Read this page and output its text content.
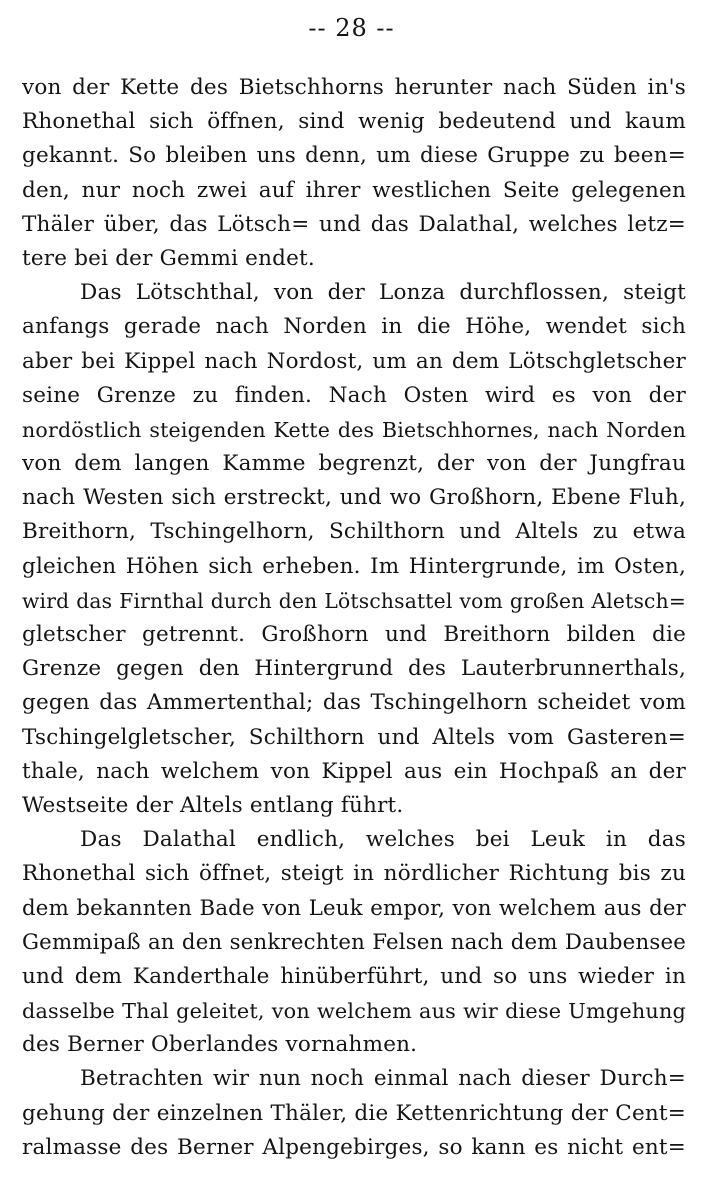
-- 28 --
von der Kette des Bietschhorns herunter nach Süden in's
Rhonethal sich öffnen, sind wenig bedeutend und kaum
gekannt. So bleiben uns denn, um diese Gruppe zu been=
den, nur noch zwei auf ihrer westlichen Seite gelegenen
Thäler über, das Lötsch= und das Dalathal, welches letz=
tere bei der Gemmi endet.
Das Lötschthal, von der Lonza durchflossen, steigt
anfangs gerade nach Norden in die Höhe, wendet sich
aber bei Kippel nach Nordost, um an dem Lötschgletscher
seine Grenze zu finden. Nach Osten wird es von der
nordöstlich steigenden Kette des Bietschhornes, nach Norden
von dem langen Kamme begrenzt, der von der Jungfrau
nach Westen sich erstreckt, und wo Großhorn, Ebene Fluh,
Breithorn, Tschingelhorn, Schilthorn und Altels zu etwa
gleichen Höhen sich erheben. Im Hintergrunde, im Osten,
wird das Firnthal durch den Lötschsattel vom großen Aletsch=
gletscher getrennt. Großhorn und Breithorn bilden die
Grenze gegen den Hintergrund des Lauterbrunnerthals,
gegen das Ammertenthal; das Tschingelhorn scheidet vom
Tschingelgletscher, Schilthorn und Altels vom Gasteren=
thale, nach welchem von Kippel aus ein Hochpaß an der
Westseite der Altels entlang führt.
Das Dalathal endlich, welches bei Leuk in das
Rhonethal sich öffnet, steigt in nördlicher Richtung bis zu
dem bekannten Bade von Leuk empor, von welchem aus der
Gemmipaß an den senkrechten Felsen nach dem Daubensee
und dem Kanderthale hinüberführt, und so uns wieder in
dasselbe Thal geleitet, von welchem aus wir diese Umgehung
des Berner Oberlandes vornahmen.
Betrachten wir nun noch einmal nach dieser Durch=
gehung der einzelnen Thäler, die Kettenrichtung der Cent=
ralmasse des Berner Alpengebirges, so kann es nicht ent=
